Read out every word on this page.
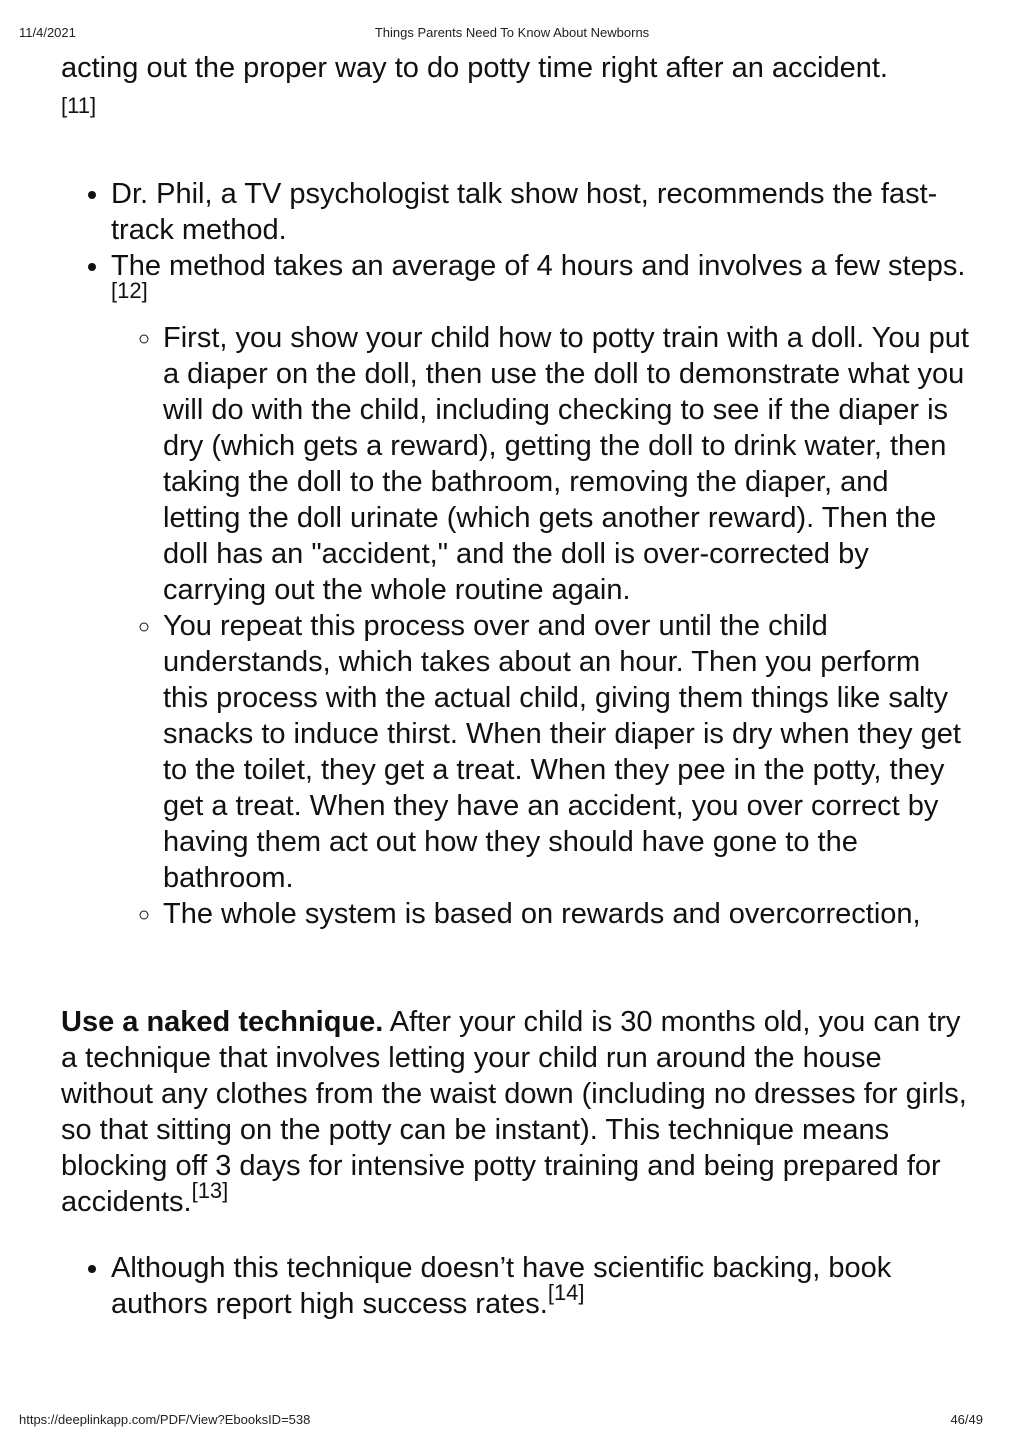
11/4/2021	Things Parents Need To Know About Newborns

acting out the proper way to do potty time right after an accident.
[11]

• Dr. Phil, a TV psychologist talk show host, recommends the fast-track method.
• The method takes an average of 4 hours and involves a few steps.[12]
◦ First, you show your child how to potty train with a doll. You put a diaper on the doll, then use the doll to demonstrate what you will do with the child, including checking to see if the diaper is dry (which gets a reward), getting the doll to drink water, then taking the doll to the bathroom, removing the diaper, and letting the doll urinate (which gets another reward). Then the doll has an "accident," and the doll is over-corrected by carrying out the whole routine again.
◦ You repeat this process over and over until the child understands, which takes about an hour. Then you perform this process with the actual child, giving them things like salty snacks to induce thirst. When their diaper is dry when they get to the toilet, they get a treat. When they pee in the potty, they get a treat. When they have an accident, you over correct by having them act out how they should have gone to the bathroom.
◦ The whole system is based on rewards and overcorrection,

Use a naked technique. After your child is 30 months old, you can try a technique that involves letting your child run around the house without any clothes from the waist down (including no dresses for girls, so that sitting on the potty can be instant). This technique means blocking off 3 days for intensive potty training and being prepared for accidents.[13]

• Although this technique doesn’t have scientific backing, book authors report high success rates.[14]
https://deeplinkapp.com/PDF/View?EbooksID=538	46/49
